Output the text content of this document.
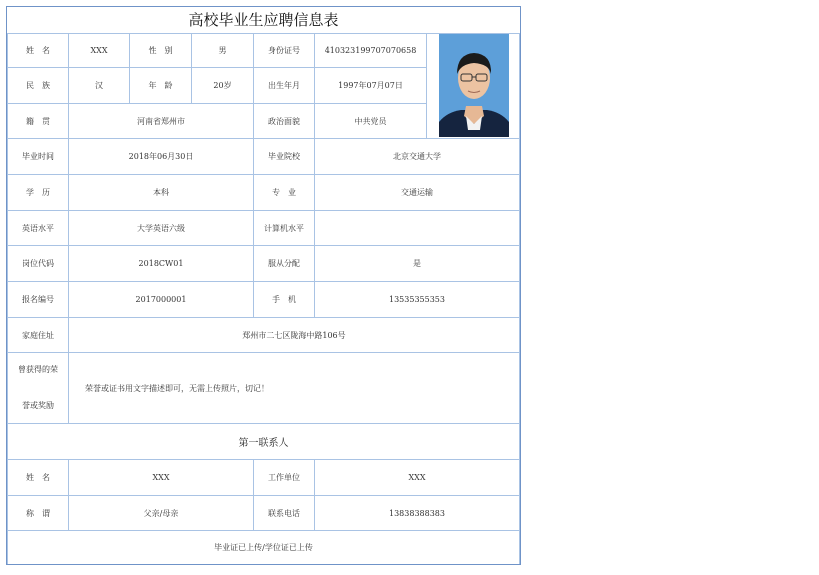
高校毕业生应聘信息表
姓　名	XXX	性　别	男	身份证号	410323199707070658
民　族	汉	年　龄	20岁	出生年月	1997年07月07日
籍　贯	河南省郑州市	政治面貌	中共党员
毕业时间	2018年06月30日	毕业院校	北京交通大学
学　历	本科	专　业	交通运输
英语水平	大学英语六级	计算机水平
岗位代码	2018CW01	服从分配	是
报名编号	2017000001	手　机	13535355353
家庭住址	郑州市二七区陇海中路106号
曾获得的荣
誉或奖励
荣誉或证书用文字描述即可，无需上传照片，切记！
第一联系人
姓　名	XXX	工作单位	XXX
称　谓	父亲/母亲	联系电话	13838388383
毕业证已上传/学位证已上传
